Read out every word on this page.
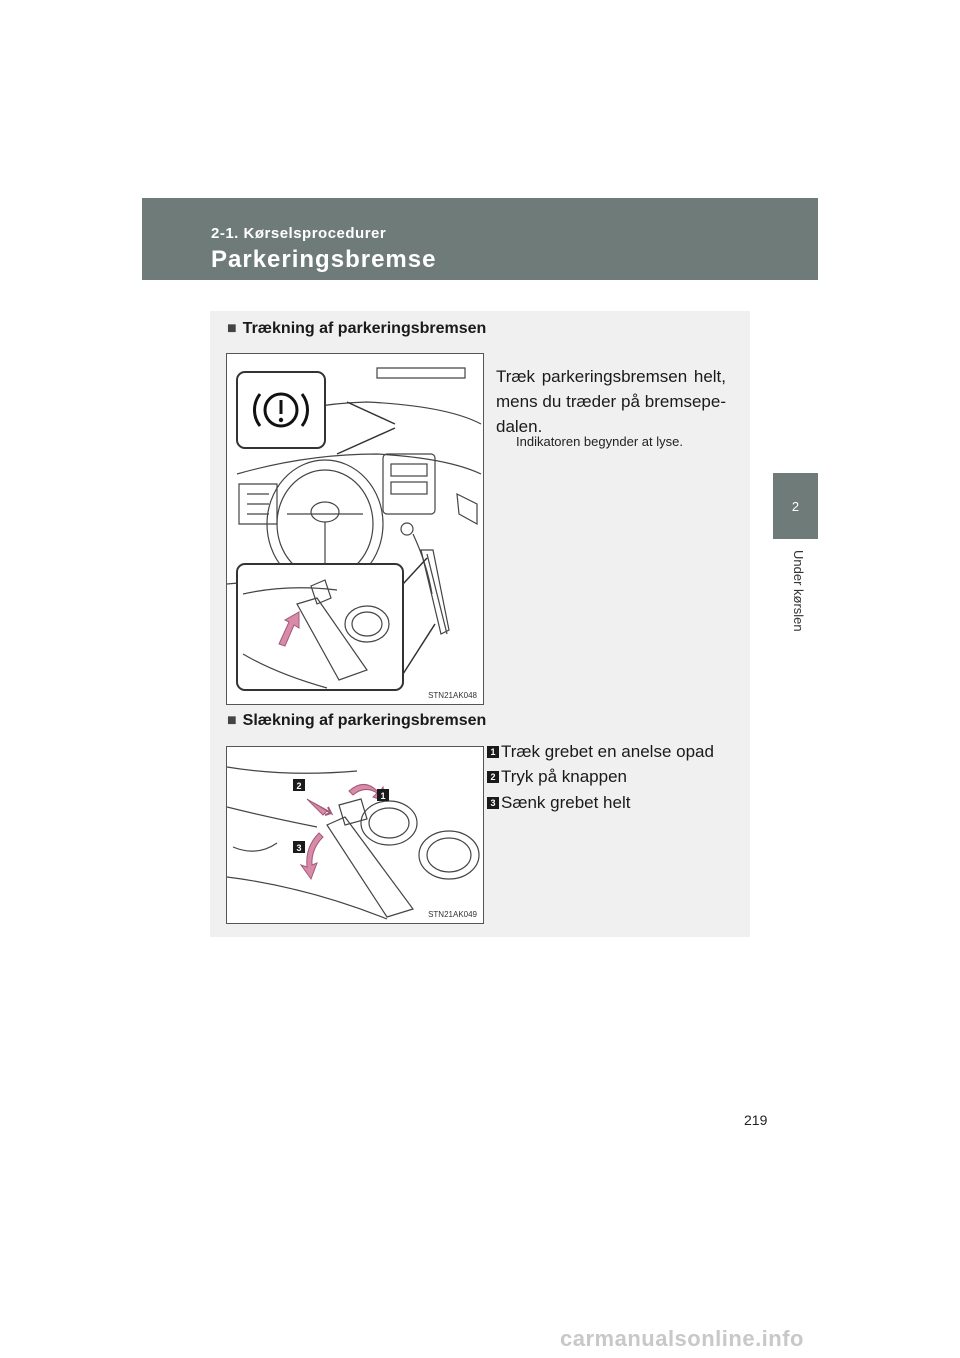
2-1. Kørselsprocedurer
Parkeringsbremse
2
Under kørslen
■ Trækning af parkeringsbremsen
STN21AK048
Træk parkeringsbremsen helt, mens du træder på bremsepe-dalen.
Indikatoren begynder at lyse.
■ Slækning af parkeringsbremsen
2
1
3
STN21AK049
1 Træk grebet en anelse opad
2 Tryk på knappen
3 Sænk grebet helt
219
carmanualsonline.info
